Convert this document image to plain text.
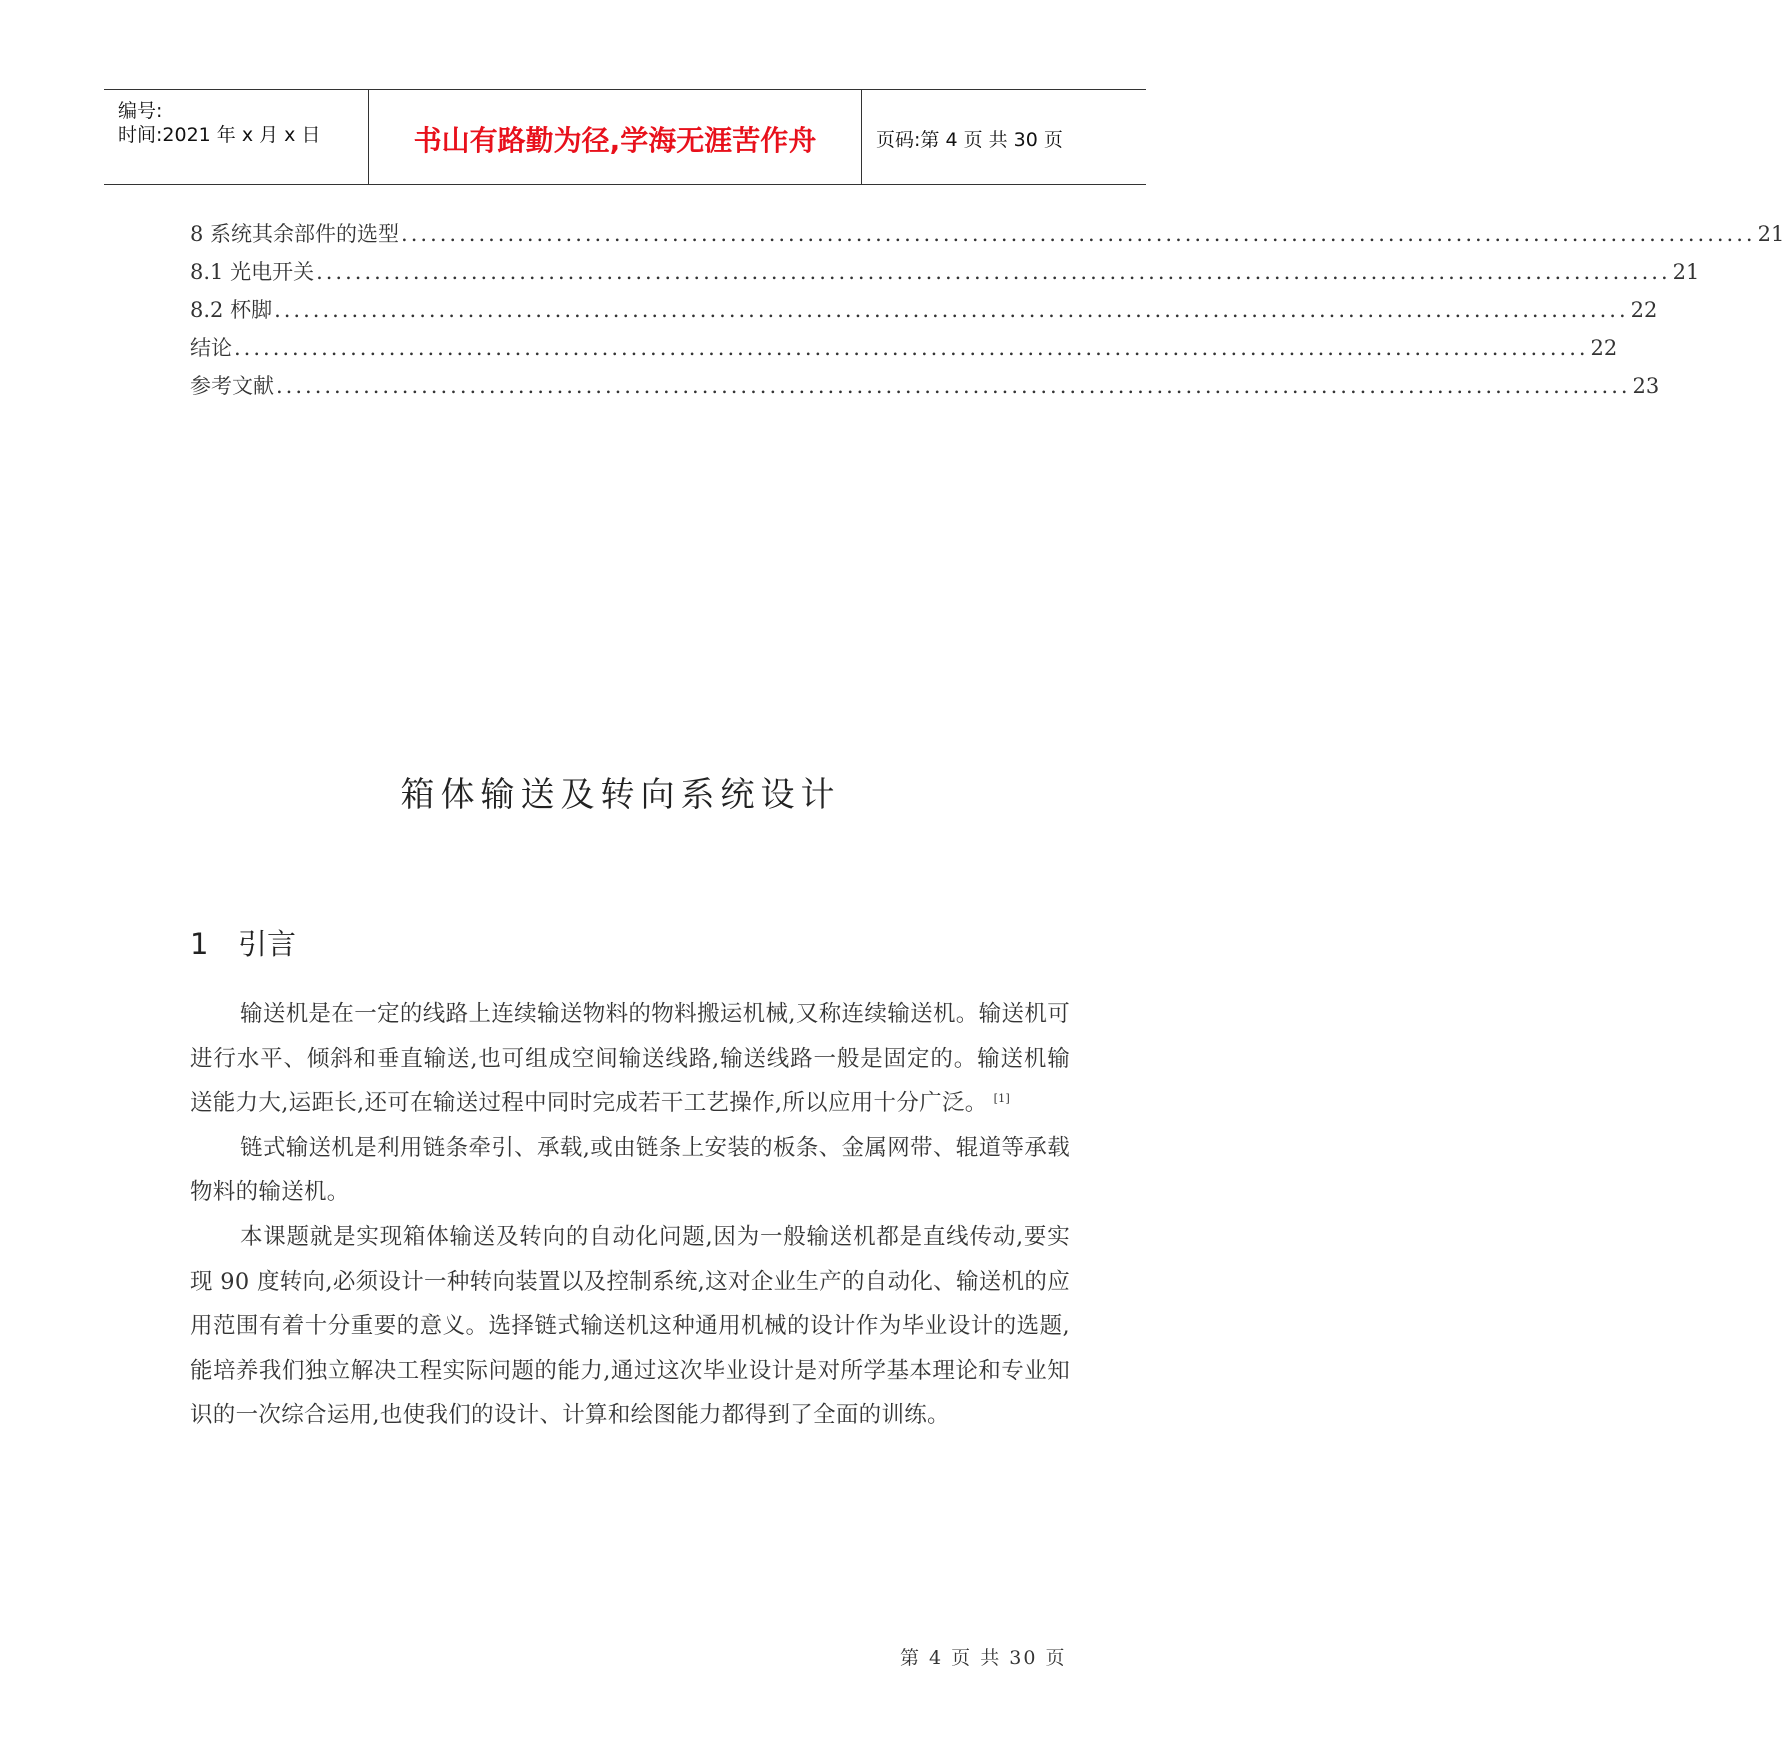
编号:
时间:2021 年 x 月 x 日	书山有路勤为径,学海无涯苦作舟	页码:第 4 页 共 30 页
8 系统其余部件的选型 ............................................................................................................................................ 21
8.1 光电开关 ............................................................................................................................................ 21
8.2 杯脚 ............................................................................................................................................ 22
结论 ............................................................................................................................................ 22
参考文献 ............................................................................................................................................ 23
箱体输送及转向系统设计
1 引言

输送机是在一定的线路上连续输送物料的物料搬运机械,又称连续输送机。输送机可进行水平、倾斜和垂直输送,也可组成空间输送线路,输送线路一般是固定的。输送机输送能力大,运距长,还可在输送过程中同时完成若干工艺操作,所以应用十分广泛。 [1]

链式输送机是利用链条牵引、承载,或由链条上安装的板条、金属网带、辊道等承载物料的输送机。

本课题就是实现箱体输送及转向的自动化问题,因为一般输送机都是直线传动,要实现 90 度转向,必须设计一种转向装置以及控制系统,这对企业生产的自动化、输送机的应用范围有着十分重要的意义。选择链式输送机这种通用机械的设计作为毕业设计的选题,能培养我们独立解决工程实际问题的能力,通过这次毕业设计是对所学基本理论和专业知识的一次综合运用,也使我们的设计、计算和绘图能力都得到了全面的训练。

第 4 页 共 30 页
